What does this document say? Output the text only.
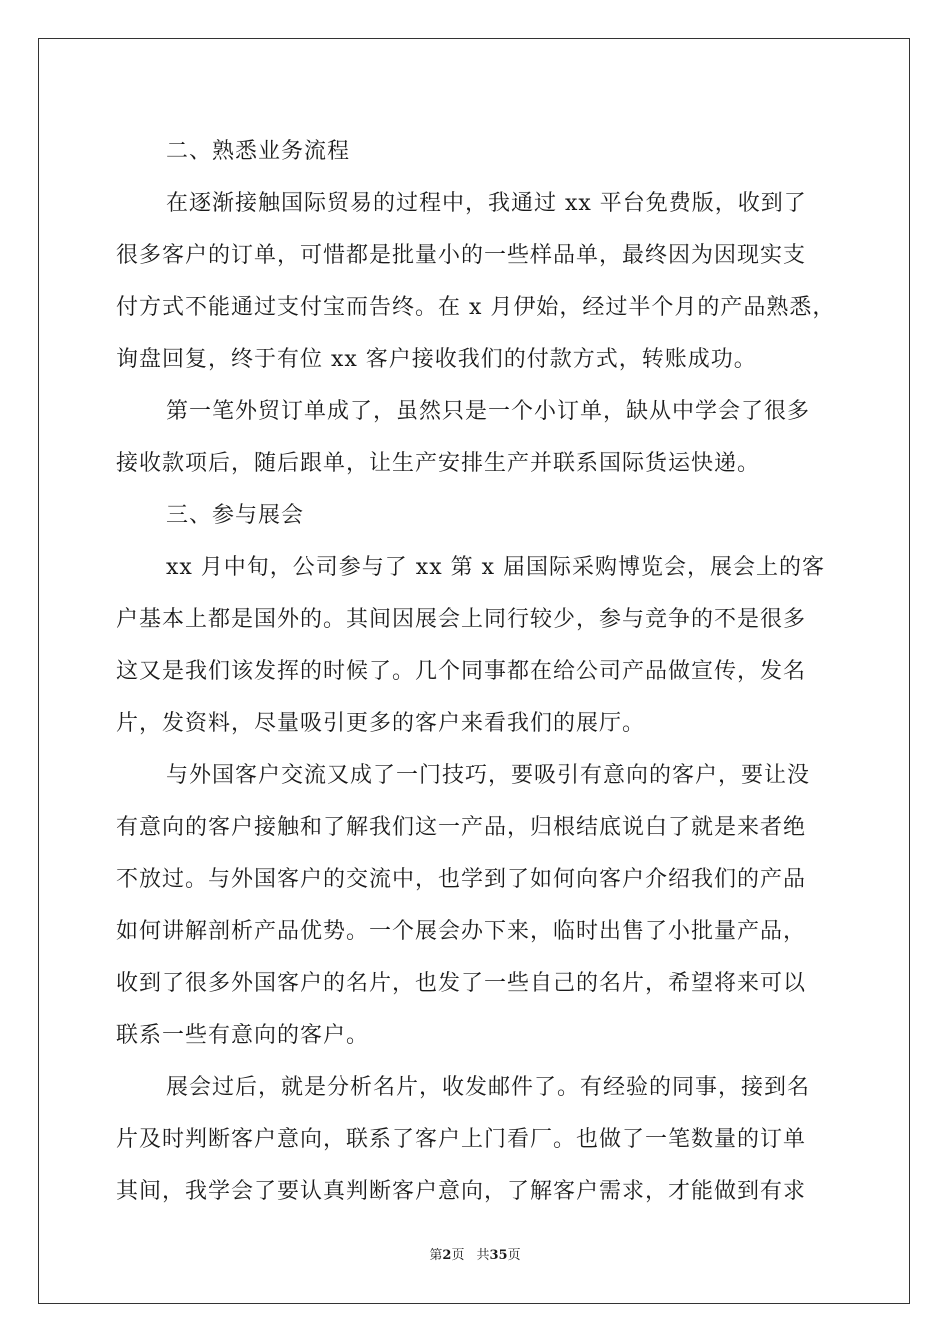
二、熟悉业务流程
在逐渐接触国际贸易的过程中，我通过 xx 平台免费版，收到了
很多客户的订单，可惜都是批量小的一些样品单，最终因为因现实支
付方式不能通过支付宝而告终。在 x 月伊始，经过半个月的产品熟悉，
询盘回复，终于有位 xx 客户接收我们的付款方式，转账成功。
第一笔外贸订单成了，虽然只是一个小订单，缺从中学会了很多
接收款项后，随后跟单，让生产安排生产并联系国际货运快递。
三、参与展会
xx 月中旬，公司参与了 xx 第 x 届国际采购博览会，展会上的客
户基本上都是国外的。其间因展会上同行较少，参与竞争的不是很多
这又是我们该发挥的时候了。几个同事都在给公司产品做宣传，发名
片，发资料，尽量吸引更多的客户来看我们的展厅。
与外国客户交流又成了一门技巧，要吸引有意向的客户，要让没
有意向的客户接触和了解我们这一产品，归根结底说白了就是来者绝
不放过。与外国客户的交流中，也学到了如何向客户介绍我们的产品
如何讲解剖析产品优势。一个展会办下来，临时出售了小批量产品，
收到了很多外国客户的名片，也发了一些自己的名片，希望将来可以
联系一些有意向的客户。
展会过后，就是分析名片，收发邮件了。有经验的同事，接到名
片及时判断客户意向，联系了客户上门看厂。也做了一笔数量的订单
其间，我学会了要认真判断客户意向，了解客户需求，才能做到有求
第2页 共35页
